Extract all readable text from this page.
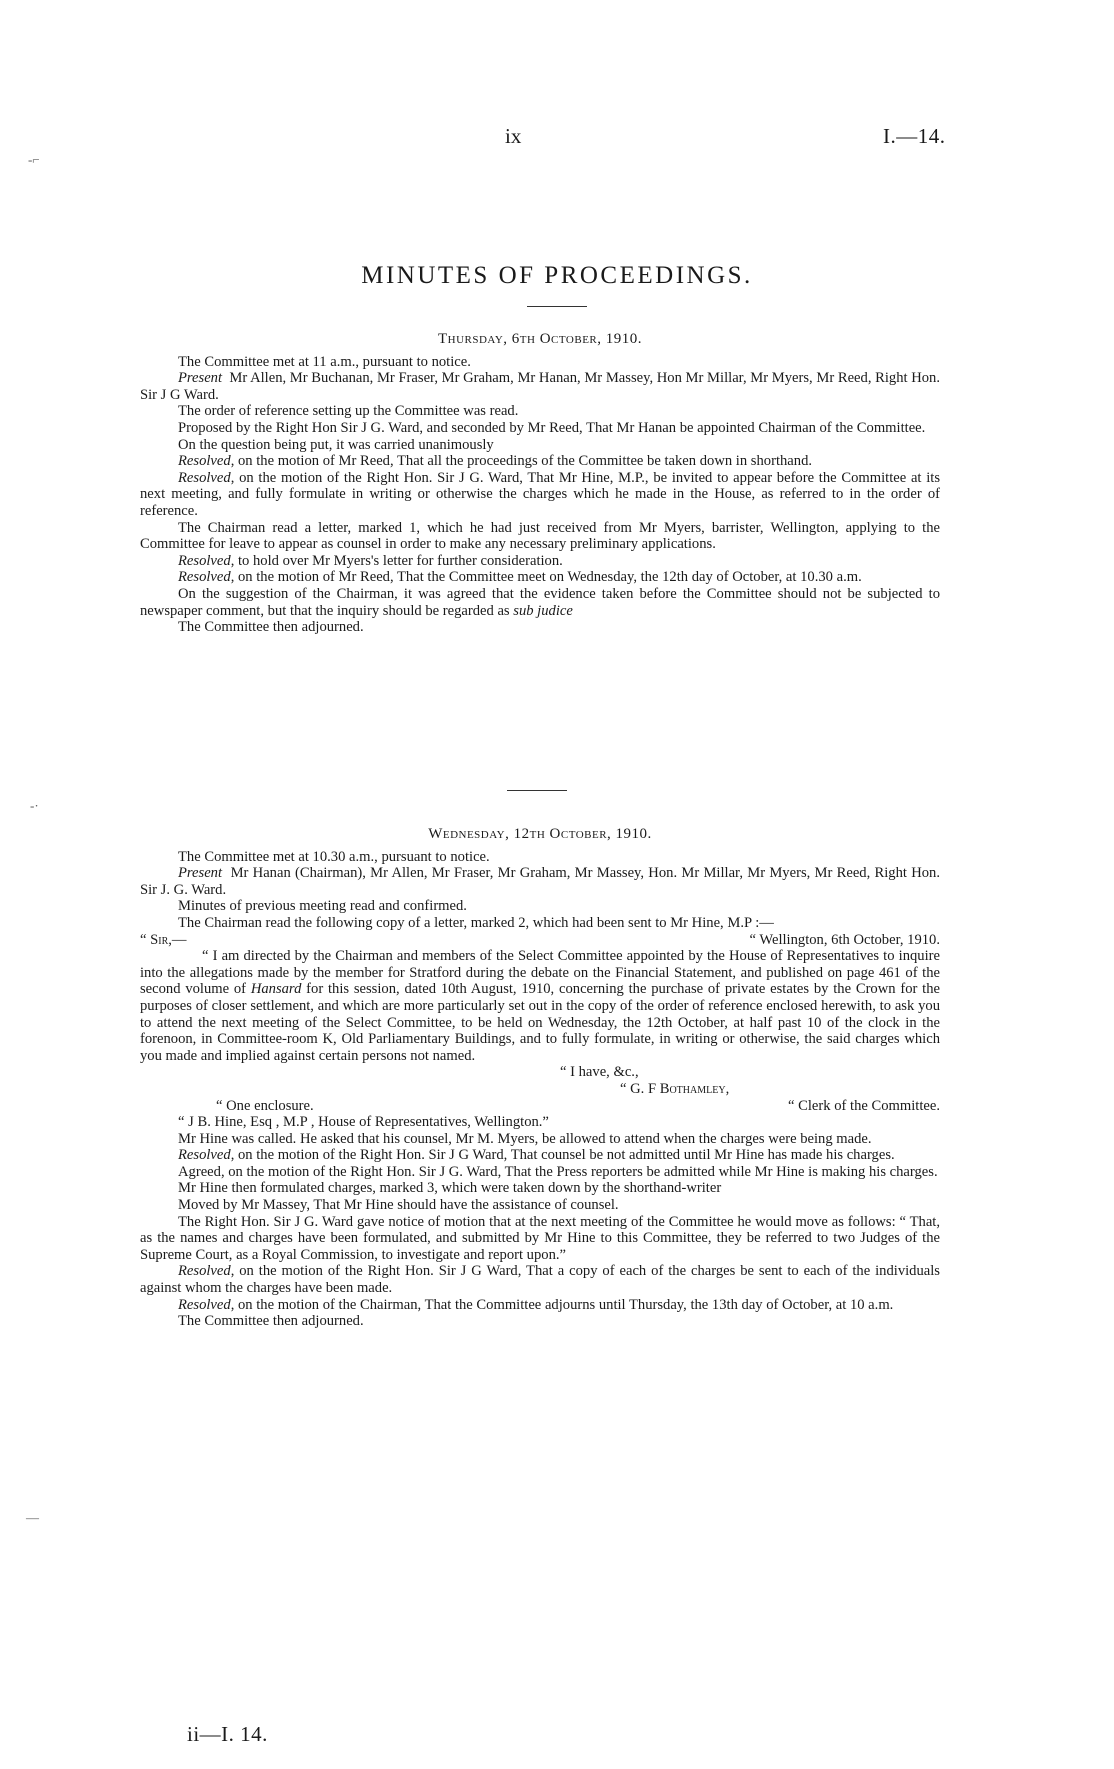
ix	I.—14.
MINUTES OF PROCEEDINGS.
Thursday, 6th October, 1910.

The Committee met at 11 a.m., pursuant to notice.

Present Mr Allen, Mr Buchanan, Mr Fraser, Mr Graham, Mr Hanan, Mr Massey, Hon Mr Millar, Mr Myers, Mr Reed, Right Hon. Sir J G Ward.

The order of reference setting up the Committee was read.

Proposed by the Right Hon Sir J G. Ward, and seconded by Mr Reed, That Mr Hanan be appointed Chairman of the Committee.

On the question being put, it was carried unanimously

Resolved, on the motion of Mr Reed, That all the proceedings of the Committee be taken down in shorthand.

Resolved, on the motion of the Right Hon. Sir J G. Ward, That Mr Hine, M.P., be invited to appear before the Committee at its next meeting, and fully formulate in writing or otherwise the charges which he made in the House, as referred to in the order of reference.

The Chairman read a letter, marked 1, which he had just received from Mr Myers, barrister, Wellington, applying to the Committee for leave to appear as counsel in order to make any necessary preliminary applications.

Resolved, to hold over Mr Myers's letter for further consideration.

Resolved, on the motion of Mr Reed, That the Committee meet on Wednesday, the 12th day of October, at 10.30 a.m.

On the suggestion of the Chairman, it was agreed that the evidence taken before the Committee should not be subjected to newspaper comment, but that the inquiry should be regarded as sub judice

The Committee then adjourned.

Wednesday, 12th October, 1910.

The Committee met at 10.30 a.m., pursuant to notice.

Present Mr Hanan (Chairman), Mr Allen, Mr Fraser, Mr Graham, Mr Massey, Hon. Mr Millar, Mr Myers, Mr Reed, Right Hon. Sir J. G. Ward.

Minutes of previous meeting read and confirmed.

The Chairman read the following copy of a letter, marked 2, which had been sent to Mr Hine, M.P :—

“ Sir,—	“ Wellington, 6th October, 1910.

“ I am directed by the Chairman and members of the Select Committee appointed by the House of Representatives to inquire into the allegations made by the member for Stratford during the debate on the Financial Statement, and published on page 461 of the second volume of Hansard for this session, dated 10th August, 1910, concerning the purchase of private estates by the Crown for the purposes of closer settlement, and which are more particularly set out in the copy of the order of reference enclosed herewith, to ask you to attend the next meeting of the Select Committee, to be held on Wednesday, the 12th October, at half past 10 of the clock in the forenoon, in Committee-room K, Old Parliamentary Buildings, and to fully formulate, in writing or otherwise, the said charges which you made and implied against certain persons not named.

“ I have, &c.,

“ G. F Bothamley,

“ One enclosure.	“ Clerk of the Committee.

“ J B. Hine, Esq , M.P , House of Representatives, Wellington.”

Mr Hine was called. He asked that his counsel, Mr M. Myers, be allowed to attend when the charges were being made.

Resolved, on the motion of the Right Hon. Sir J G Ward, That counsel be not admitted until Mr Hine has made his charges.

Agreed, on the motion of the Right Hon. Sir J G. Ward, That the Press reporters be admitted while Mr Hine is making his charges.

Mr Hine then formulated charges, marked 3, which were taken down by the shorthand-writer

Moved by Mr Massey, That Mr Hine should have the assistance of counsel.

The Right Hon. Sir J G. Ward gave notice of motion that at the next meeting of the Committee he would move as follows: “ That, as the names and charges have been formulated, and submitted by Mr Hine to this Committee, they be referred to two Judges of the Supreme Court, as a Royal Commission, to investigate and report upon.”

Resolved, on the motion of the Right Hon. Sir J G Ward, That a copy of each of the charges be sent to each of the individuals against whom the charges have been made.

Resolved, on the motion of the Chairman, That the Committee adjourns until Thursday, the 13th day of October, at 10 a.m.

The Committee then adjourned.

ii—I. 14.
‐⌐
‐·
—
